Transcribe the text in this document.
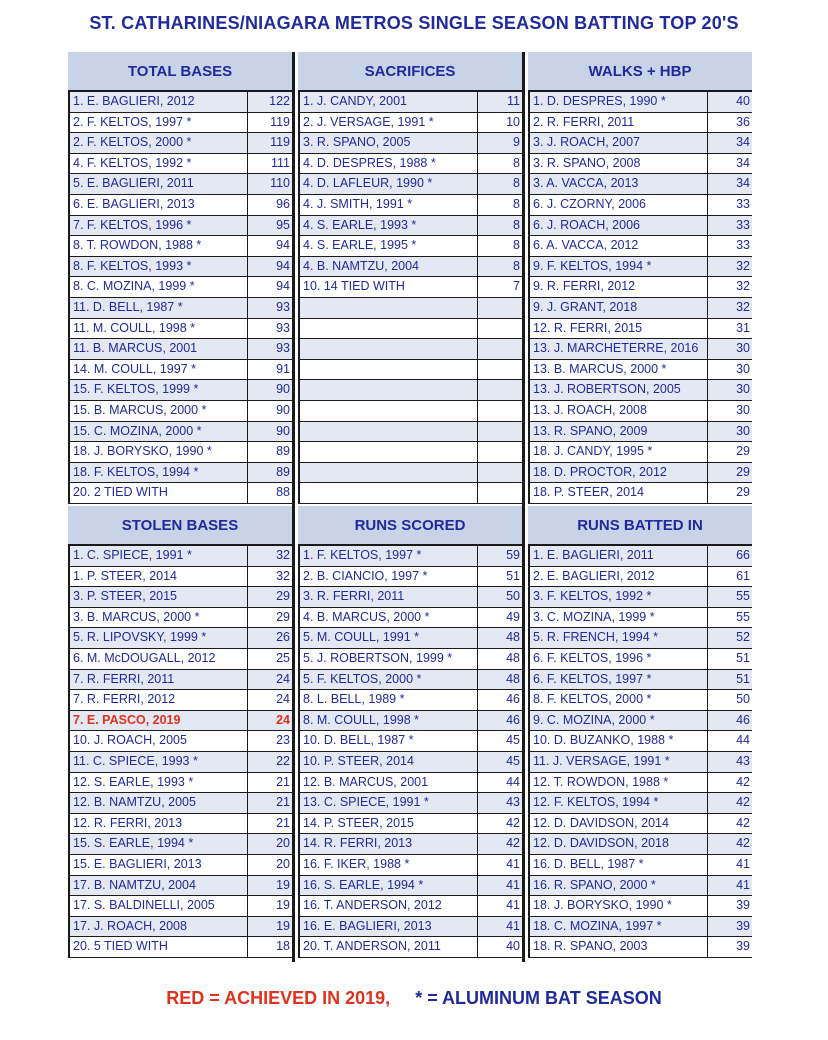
ST. CATHARINES/NIAGARA METROS SINGLE SEASON BATTING TOP 20'S
TOTAL BASES
1. E. BAGLIERI, 2012	122
2. F. KELTOS, 1997 *	119
2. F. KELTOS, 2000 *	119
4. F. KELTOS, 1992 *	111
5. E. BAGLIERI, 2011	110
6. E. BAGLIERI, 2013	96
7. F. KELTOS, 1996 *	95
8. T. ROWDON, 1988 *	94
8. F. KELTOS, 1993 *	94
8. C. MOZINA, 1999 *	94
11. D. BELL, 1987 *	93
11. M. COULL, 1998 *	93
11. B. MARCUS, 2001	93
14. M. COULL, 1997 *	91
15. F. KELTOS, 1999 *	90
15. B. MARCUS, 2000 *	90
15. C. MOZINA, 2000 *	90
18. J. BORYSKO, 1990 *	89
18. F. KELTOS, 1994 *	89
20. 2 TIED WITH	88
SACRIFICES
1. J. CANDY, 2001	11
2. J. VERSAGE, 1991 *	10
3. R. SPANO, 2005	9
4. D. DESPRES, 1988 *	8
4. D. LAFLEUR, 1990 *	8
4. J. SMITH, 1991 *	8
4. S. EARLE, 1993 *	8
4. S. EARLE, 1995 *	8
4. B. NAMTZU, 2004	8
10. 14 TIED WITH	7
WALKS + HBP
1. D. DESPRES, 1990 *	40
2. R. FERRI, 2011	36
3. J. ROACH, 2007	34
3. R. SPANO, 2008	34
3. A. VACCA, 2013	34
6. J. CZORNY, 2006	33
6. J. ROACH, 2006	33
6. A. VACCA, 2012	33
9. F. KELTOS, 1994 *	32
9. R. FERRI, 2012	32
9. J. GRANT, 2018	32
12. R. FERRI, 2015	31
13. J. MARCHETERRE, 2016	30
13. B. MARCUS, 2000 *	30
13. J. ROBERTSON, 2005	30
13. J. ROACH, 2008	30
13. R. SPANO, 2009	30
18. J. CANDY, 1995 *	29
18. D. PROCTOR, 2012	29
18. P. STEER, 2014	29
STOLEN BASES
1. C. SPIECE, 1991 *	32
1. P. STEER, 2014	32
3. P. STEER, 2015	29
3. B. MARCUS, 2000 *	29
5. R. LIPOVSKY, 1999 *	26
6. M. McDOUGALL, 2012	25
7. R. FERRI, 2011	24
7. R. FERRI, 2012	24
7. E. PASCO, 2019	24
10. J. ROACH, 2005	23
11. C. SPIECE, 1993 *	22
12. S. EARLE, 1993 *	21
12. B. NAMTZU, 2005	21
12. R. FERRI, 2013	21
15. S. EARLE, 1994 *	20
15. E. BAGLIERI, 2013	20
17. B. NAMTZU, 2004	19
17. S. BALDINELLI, 2005	19
17. J. ROACH, 2008	19
20. 5 TIED WITH	18
RUNS SCORED
1. F. KELTOS, 1997 *	59
2. B. CIANCIO, 1997 *	51
3. R. FERRI, 2011	50
4. B. MARCUS, 2000 *	49
5. M. COULL, 1991 *	48
5. J. ROBERTSON, 1999 *	48
5. F. KELTOS, 2000 *	48
8. L. BELL, 1989 *	46
8. M. COULL, 1998 *	46
10. D. BELL, 1987 *	45
10. P. STEER, 2014	45
12. B. MARCUS, 2001	44
13. C. SPIECE, 1991 *	43
14. P. STEER, 2015	42
14. R. FERRI, 2013	42
16. F. IKER, 1988 *	41
16. S. EARLE, 1994 *	41
16. T. ANDERSON, 2012	41
16. E. BAGLIERI, 2013	41
20. T. ANDERSON, 2011	40
RUNS BATTED IN
1. E. BAGLIERI, 2011	66
2. E. BAGLIERI, 2012	61
3. F. KELTOS, 1992 *	55
3. C. MOZINA, 1999 *	55
5. R. FRENCH, 1994 *	52
6. F. KELTOS, 1996 *	51
6. F. KELTOS, 1997 *	51
8. F. KELTOS, 2000 *	50
9. C. MOZINA, 2000 *	46
10. D. BUZANKO, 1988 *	44
11. J. VERSAGE, 1991 *	43
12. T. ROWDON, 1988 *	42
12. F. KELTOS, 1994 *	42
12. D. DAVIDSON, 2014	42
12. D. DAVIDSON, 2018	42
16. D. BELL, 1987 *	41
16. R. SPANO, 2000 *	41
18. J. BORYSKO, 1990 *	39
18. C. MOZINA, 1997 *	39
18. R. SPANO, 2003	39
RED = ACHIEVED IN 2019, * = ALUMINUM BAT SEASON
